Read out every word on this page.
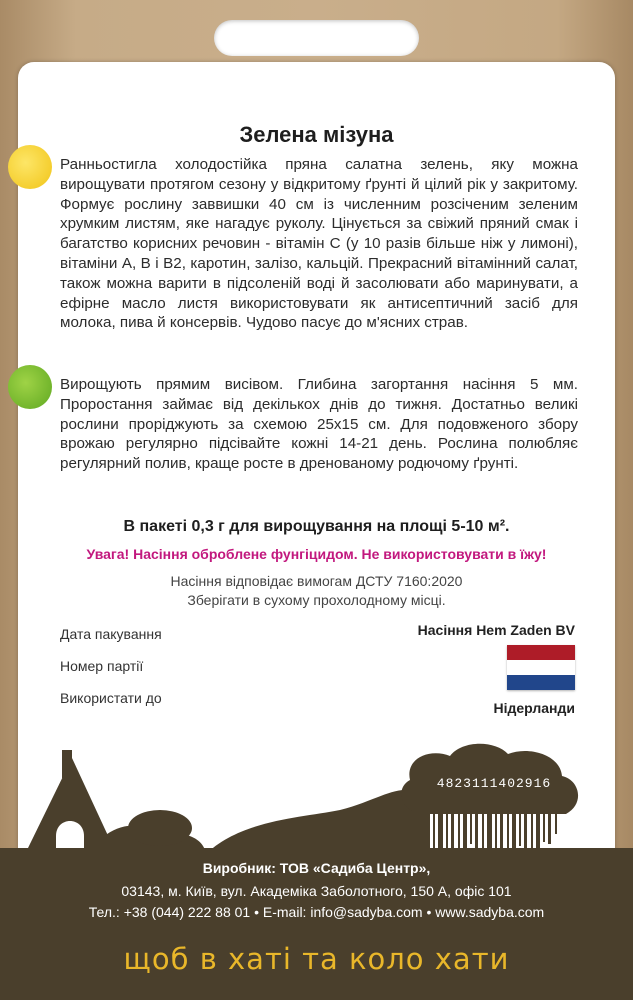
Зелена мізуна
Ранньостигла холодостійка пряна салатна зелень, яку можна вирощувати протягом сезону у відкритому ґрунті й цілий рік у закритому. Формує рослину заввишки 40 см із численним розсіченим зеленим хрумким листям, яке нагадує руколу. Цінується за свіжий пряний смак і багатство корисних речовин - вітамін С (у 10 разів більше ніж у лимоні), вітаміни А, В і В2, каротин, залізо, кальцій. Прекрасний вітамінний салат, також можна варити в підсоленій воді й засолювати або маринувати, а ефірне масло листя використовувати як антисептичний засіб для молока, пива й консервів. Чудово пасує до м'ясних страв.
Вирощують прямим висівом. Глибина загортання насіння 5 мм. Проростання займає від декількох днів до тижня. Достатньо великі рослини проріджують за схемою 25х15 см. Для подовженого збору врожаю регулярно підсівайте кожні 14-21 день. Рослина полюбляє регулярний полив, краще росте в дренованому родючому ґрунті.

В пакеті 0,3 г для вирощування на площі 5-10 м².

Увага! Насіння оброблене фунгіцидом. Не використовувати в їжу!

Насіння відповідає вимогам ДСТУ 7160:2020

Зберігати в сухому прохолодному місці.

Дата пакування

Номер партії

Використати до

Насіння Hem Zaden BV
Нідерланди
4823111402916

Виробник: ТОВ «Садиба Центр»,

03143, м. Київ, вул. Академіка Заболотного, 150 А, офіс 101

Тел.: +38 (044) 222 88 01 • E-mail: info@sadyba.com • www.sadyba.com

щоб в хаті та коло хати
